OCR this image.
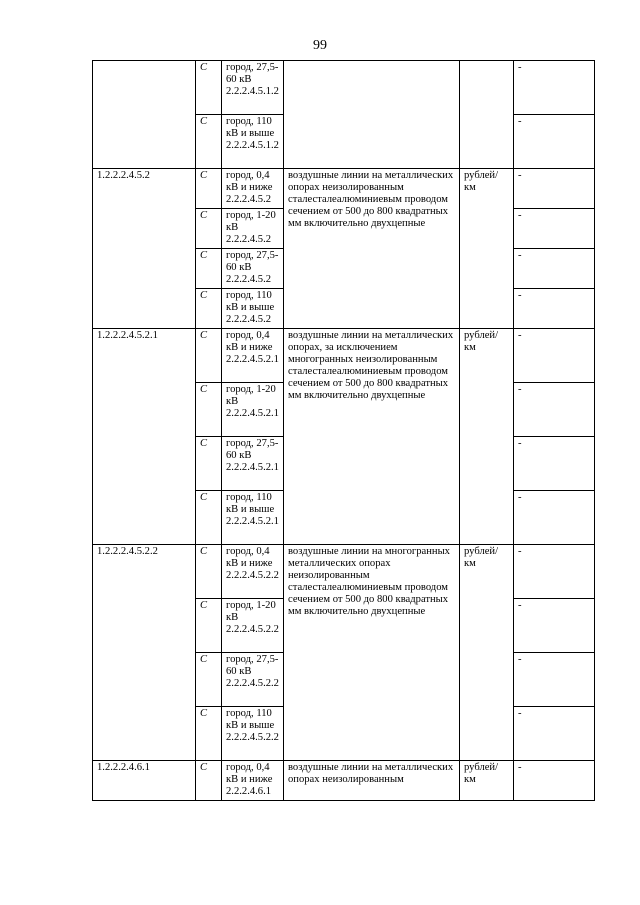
99
	С	город, 27,5-60 кВ 2.2.2.4.5.1.2			-
	С	город, 110 кВ и выше 2.2.2.4.5.1.2			-
1.2.2.2.4.5.2	С	город, 0,4 кВ и ниже 2.2.2.4.5.2	воздушные линии на металлических опорах неизолированным сталесталеалюминиевым проводом сечением от 500 до 800 квадратных мм включительно двухцепные	рублей/км	-
	С	город, 1-20 кВ 2.2.2.4.5.2			-
	С	город, 27,5-60 кВ 2.2.2.4.5.2			-
	С	город, 110 кВ и выше 2.2.2.4.5.2			-
1.2.2.2.4.5.2.1	С	город, 0,4 кВ и ниже 2.2.2.4.5.2.1	воздушные линии на металлических опорах, за исключением многогранных неизолированным сталесталеалюминиевым проводом сечением от 500 до 800 квадратных мм включительно двухцепные	рублей/км	-
	С	город, 1-20 кВ 2.2.2.4.5.2.1			-
	С	город, 27,5-60 кВ 2.2.2.4.5.2.1			-
	С	город, 110 кВ и выше 2.2.2.4.5.2.1			-
1.2.2.2.4.5.2.2	С	город, 0,4 кВ и ниже 2.2.2.4.5.2.2	воздушные линии на многогранных металлических опорах неизолированным сталесталеалюминиевым проводом сечением от 500 до 800 квадратных мм включительно двухцепные	рублей/км	-
	С	город, 1-20 кВ 2.2.2.4.5.2.2			-
	С	город, 27,5-60 кВ 2.2.2.4.5.2.2			-
	С	город, 110 кВ и выше 2.2.2.4.5.2.2			-
1.2.2.2.4.6.1	С	город, 0,4 кВ и ниже 2.2.2.4.6.1	воздушные линии на металлических опорах неизолированным	рублей/км	-
